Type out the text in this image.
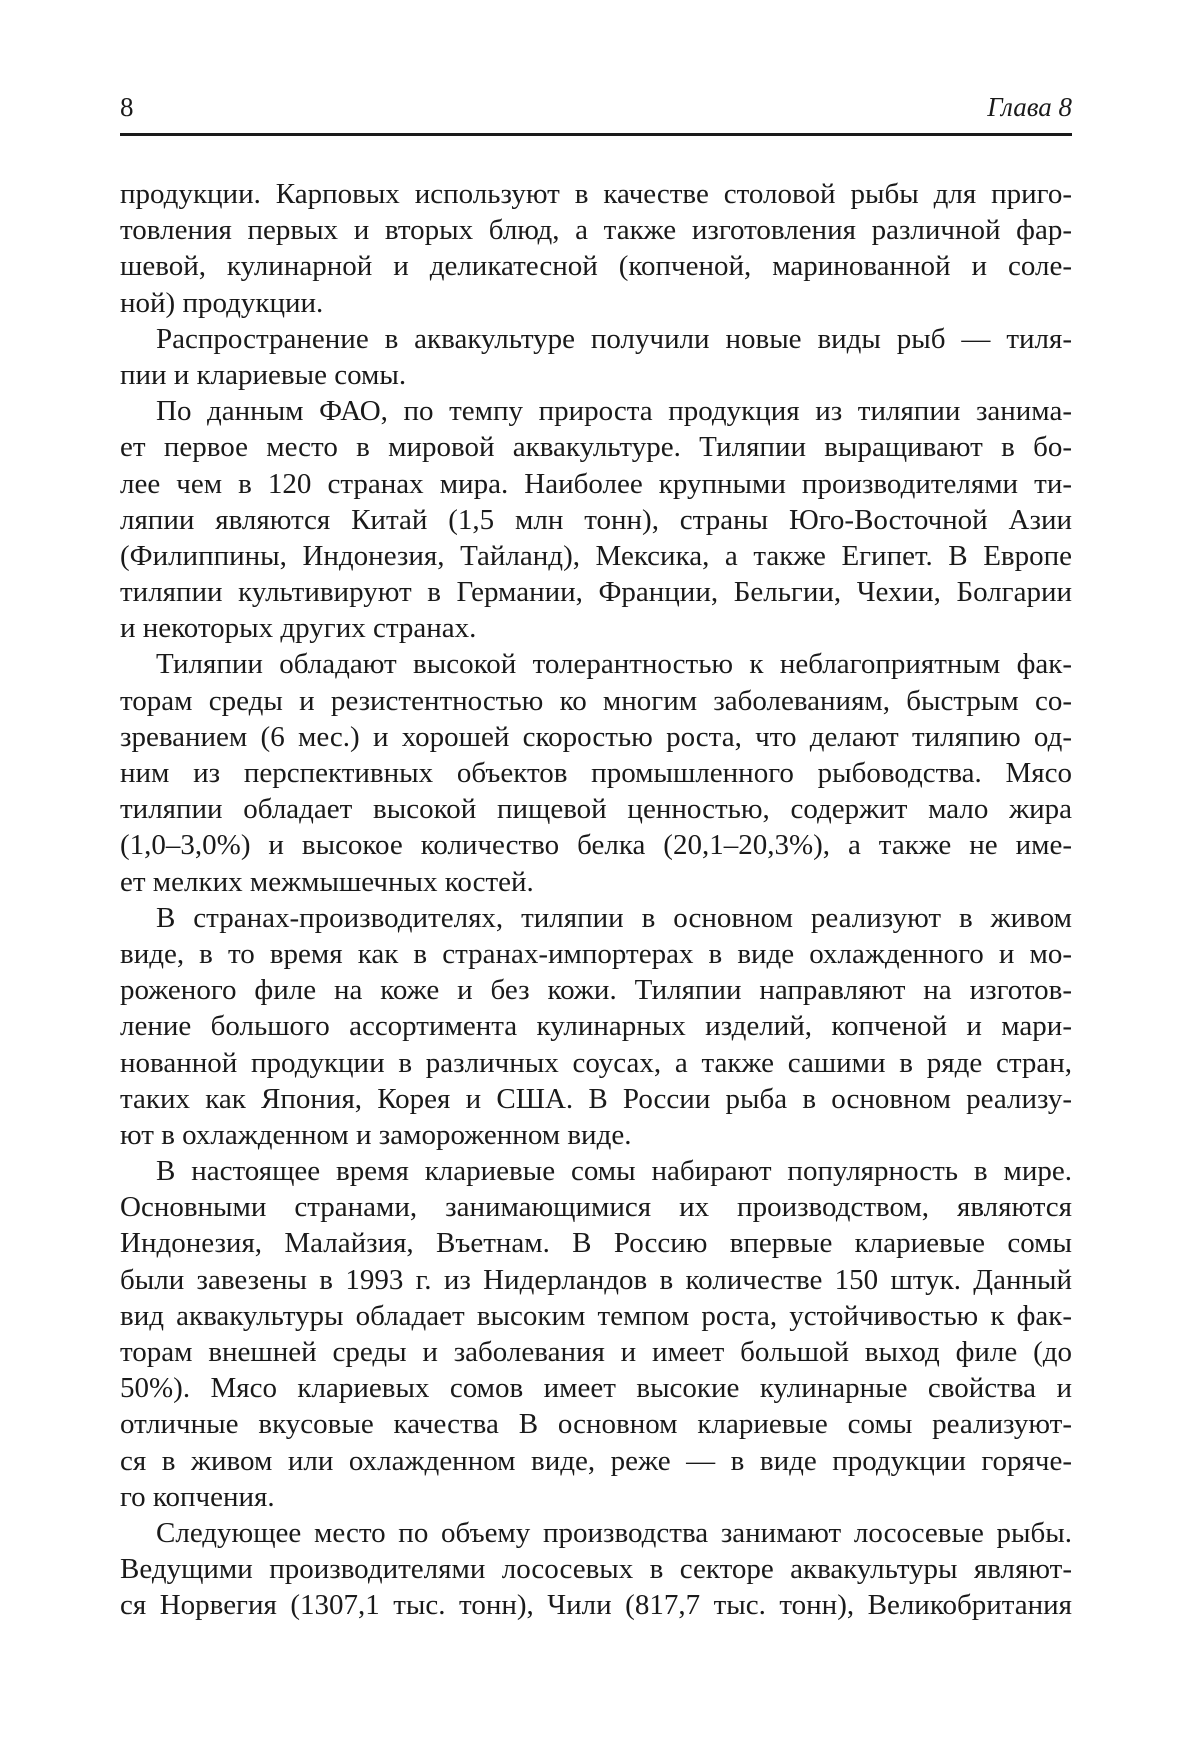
8	Глава 8
продукции. Карповых используют в качестве столовой рыбы для приго-
товления первых и вторых блюд, а также изготовления различной фар-
шевой, кулинарной и деликатесной (копченой, маринованной и соле-
ной) продукции.
Распространение в аквакультуре получили новые виды рыб — тиля-
пии и клариевые сомы.
По данным ФАО, по темпу прироста продукция из тиляпии занима-
ет первое место в мировой аквакультуре. Тиляпии выращивают в бо-
лее чем в 120 странах мира. Наиболее крупными производителями ти-
ляпии являются Китай (1,5 млн тонн), страны Юго-Восточной Азии
(Филиппины, Индонезия, Тайланд), Мексика, а также Египет. В Европе
тиляпии культивируют в Германии, Франции, Бельгии, Чехии, Болгарии
и некоторых других странах.
Тиляпии обладают высокой толерантностью к неблагоприятным фак-
торам среды и резистентностью ко многим заболеваниям, быстрым со-
зреванием (6 мес.) и хорошей скоростью роста, что делают тиляпию од-
ним из перспективных объектов промышленного рыбоводства. Мясо
тиляпии обладает высокой пищевой ценностью, содержит мало жира
(1,0–3,0%) и высокое количество белка (20,1–20,3%), а также не име-
ет мелких межмышечных костей.
В странах-производителях, тиляпии в основном реализуют в живом
виде, в то время как в странах-импортерах в виде охлажденного и мо-
роженого филе на коже и без кожи. Тиляпии направляют на изготов-
ление большого ассортимента кулинарных изделий, копченой и мари-
нованной продукции в различных соусах, а также сашими в ряде стран,
таких как Япония, Корея и США. В России рыба в основном реализу-
ют в охлажденном и замороженном виде.
В настоящее время клариевые сомы набирают популярность в мире.
Основными странами, занимающимися их производством, являются
Индонезия, Малайзия, Въетнам. В Россию впервые клариевые сомы
были завезены в 1993 г. из Нидерландов в количестве 150 штук. Данный
вид аквакультуры обладает высоким темпом роста, устойчивостью к фак-
торам внешней среды и заболевания и имеет большой выход филе (до
50%). Мясо клариевых сомов имеет высокие кулинарные свойства и
отличные вкусовые качества В основном клариевые сомы реализуют-
ся в живом или охлажденном виде, реже — в виде продукции горяче-
го копчения.
Следующее место по объему производства занимают лососевые рыбы.
Ведущими производителями лососевых в секторе аквакультуры являют-
ся Норвегия (1307,1 тыс. тонн), Чили (817,7 тыс. тонн), Великобритания
